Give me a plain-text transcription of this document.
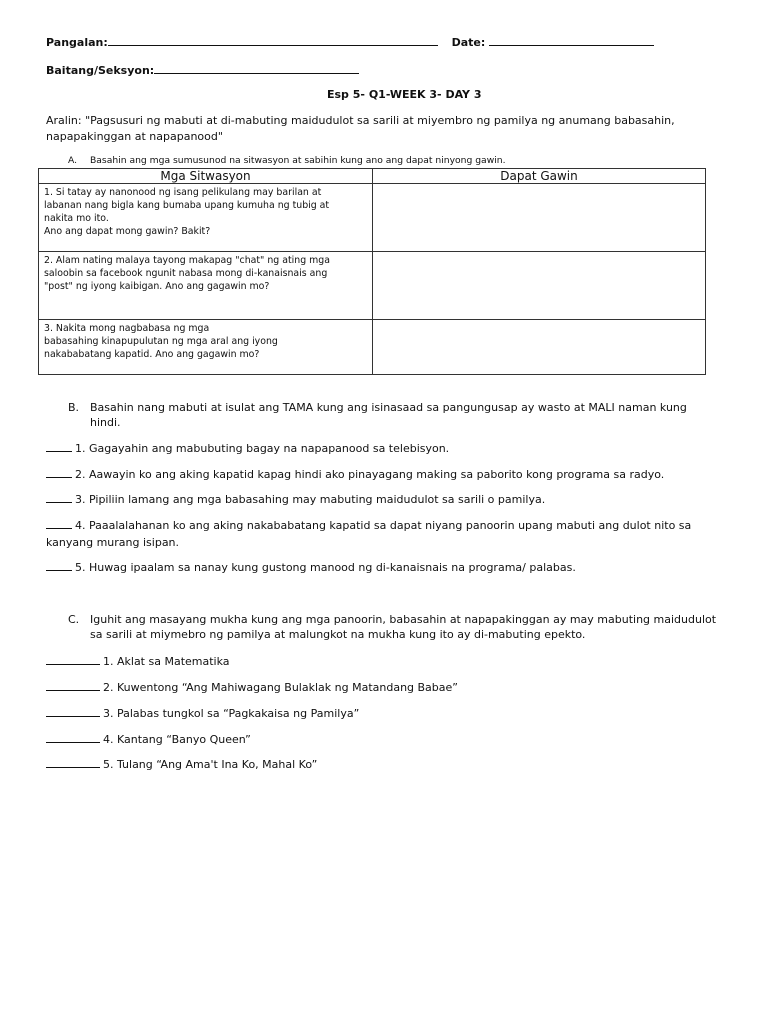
Pangalan:	Date:
Baitang/Seksyon:
Esp 5- Q1-WEEK 3- DAY 3
Aralin: "Pagsusuri ng mabuti at di-mabuting maidudulot sa sarili at miyembro ng pamilya ng anumang babasahin,
napapakinggan at napapanood"
A. Basahin ang mga sumusunod na sitwasyon at sabihin kung ano ang dapat ninyong gawin.
Mga Sitwasyon	Dapat Gawin
1. Si tatay ay nanonood ng isang pelikulang may barilan at
labanan nang bigla kang bumaba upang kumuha ng tubig at
nakita mo ito.
Ano ang dapat mong gawin? Bakit?	
2. Alam nating malaya tayong makapag "chat" ng ating mga
saloobin sa facebook ngunit nabasa mong di-kanaisnais ang
"post" ng iyong kaibigan. Ano ang gagawin mo?	
3. Nakita mong nagbabasa ng mga
babasahing kinapupulutan ng mga aral ang iyong
nakababatang kapatid. Ano ang gagawin mo?	
B. Basahin nang mabuti at isulat ang TAMA kung ang isinasaad sa pangungusap ay wasto at MALI naman kung
hindi.
1. Gagayahin ang mabubuting bagay na napapanood sa telebisyon.
2. Aawayin ko ang aking kapatid kapag hindi ako pinayagang making sa paborito kong programa sa radyo.
3. Pipiliin lamang ang mga babasahing may mabuting maidudulot sa sarili o pamilya.
4. Paaalalahanan ko ang aking nakababatang kapatid sa dapat niyang panoorin upang mabuti ang dulot nito sa
kanyang murang isipan.
5. Huwag ipaalam sa nanay kung gustong manood ng di-kanaisnais na programa/ palabas.
C. Iguhit ang masayang mukha kung ang mga panoorin, babasahin at napapakinggan ay may mabuting maidudulot
sa sarili at miymebro ng pamilya at malungkot na mukha kung ito ay di-mabuting epekto.
1. Aklat sa Matematika
2. Kuwentong “Ang Mahiwagang Bulaklak ng Matandang Babae”
3. Palabas tungkol sa “Pagkakaisa ng Pamilya”
4. Kantang “Banyo Queen”
5. Tulang “Ang Ama't Ina Ko, Mahal Ko”
